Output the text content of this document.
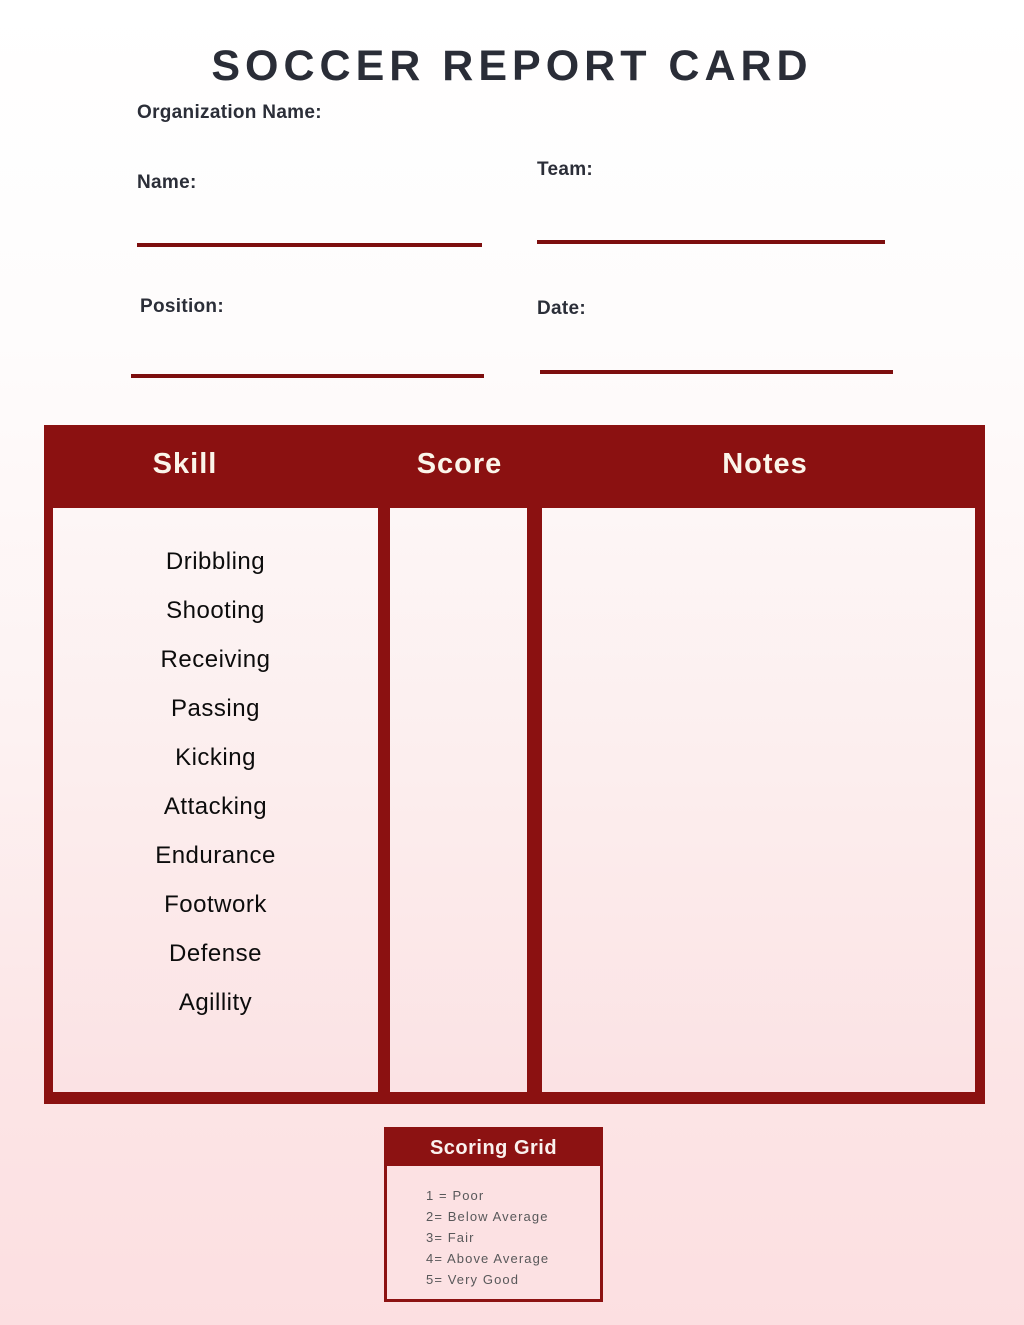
SOCCER REPORT CARD
Organization Name:
Name:
Team:
Position:	Date:
Skill	Score	Notes
Dribbling
Shooting
Receiving
Passing
Kicking
Attacking
Endurance
Footwork
Defense
Agillity
Scoring Grid
1 = Poor
2= Below Average
3= Fair
4= Above Average
5= Very Good
